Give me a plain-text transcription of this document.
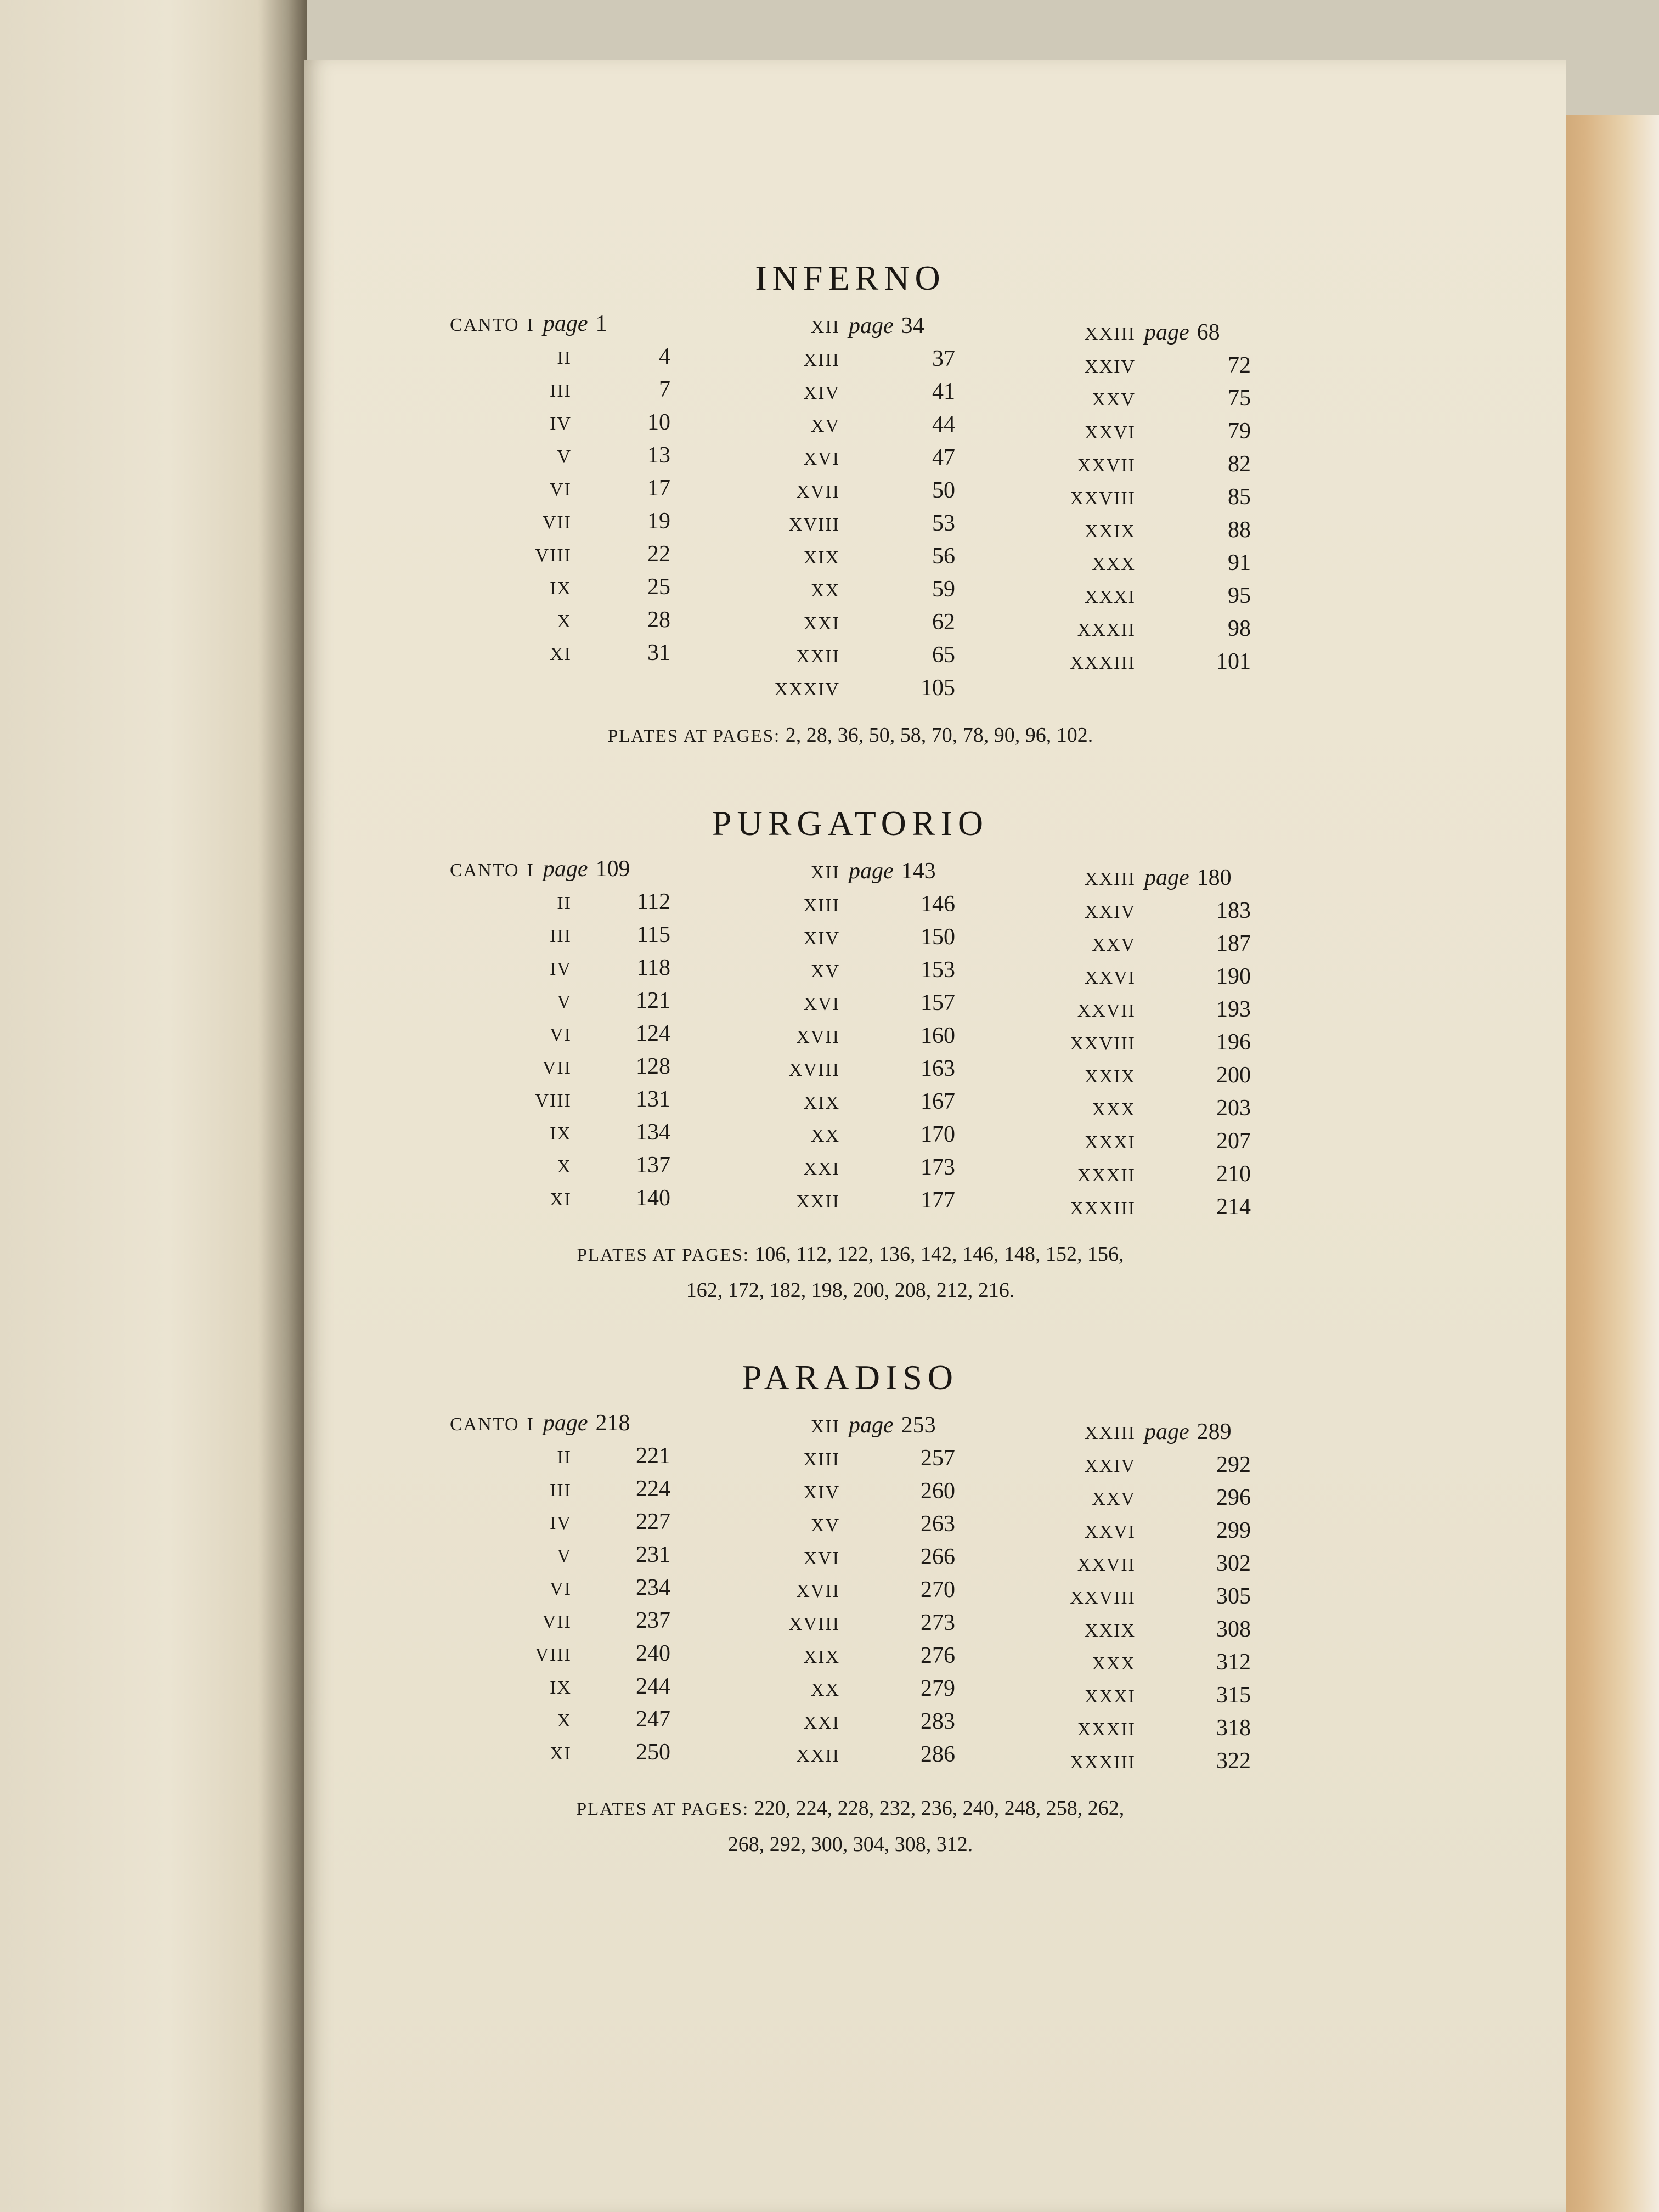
INFERNO
CANTO I page 1
II	4
III	7
IV	10
V	13
VI	17
VII	19
VIII	22
IX	25
X	28
XI	31
XII page 34
XIII	37
XIV	41
XV	44
XVI	47
XVII	50
XVIII	53
XIX	56
XX	59
XXI	62
XXII	65
XXXIV	105
XXIII page 68
XXIV	72
XXV	75
XXVI	79
XXVII	82
XXVIII	85
XXIX	88
XXX	91
XXXI	95
XXXII	98
XXXIII	101
PLATES AT PAGES: 2, 28, 36, 50, 58, 70, 78, 90, 96, 102.
PURGATORIO
CANTO I page 109
II	112
III	115
IV	118
V	121
VI	124
VII	128
VIII	131
IX	134
X	137
XI	140
XII page 143
XIII	146
XIV	150
XV	153
XVI	157
XVII	160
XVIII	163
XIX	167
XX	170
XXI	173
XXII	177
XXIII page 180
XXIV	183
XXV	187
XXVI	190
XXVII	193
XXVIII	196
XXIX	200
XXX	203
XXXI	207
XXXII	210
XXXIII	214
PLATES AT PAGES: 106, 112, 122, 136, 142, 146, 148, 152, 156,
162, 172, 182, 198, 200, 208, 212, 216.
PARADISO
CANTO I page 218
II	221
III	224
IV	227
V	231
VI	234
VII	237
VIII	240
IX	244
X	247
XI	250
XII page 253
XIII	257
XIV	260
XV	263
XVI	266
XVII	270
XVIII	273
XIX	276
XX	279
XXI	283
XXII	286
XXIII page 289
XXIV	292
XXV	296
XXVI	299
XXVII	302
XXVIII	305
XXIX	308
XXX	312
XXXI	315
XXXII	318
XXXIII	322
PLATES AT PAGES: 220, 224, 228, 232, 236, 240, 248, 258, 262,
268, 292, 300, 304, 308, 312.
